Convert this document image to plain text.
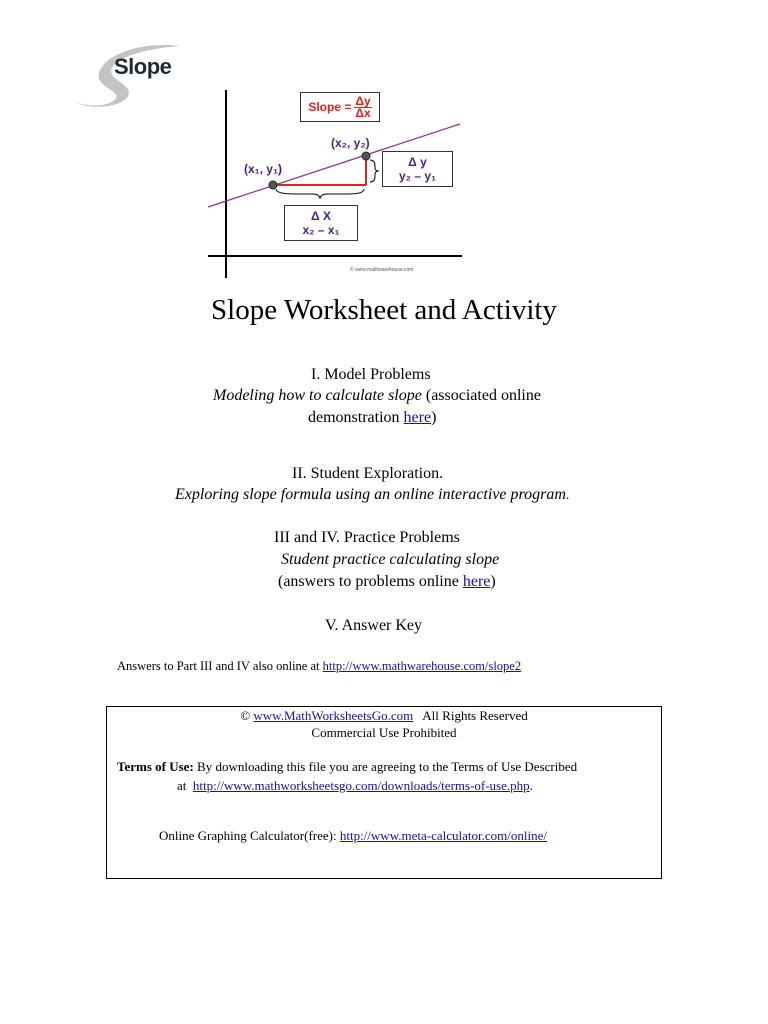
Slope
Slope = $\frac{\Delta y}{\Delta x}$
(x₂, y₂)
(x₁, y₁)	Δ y
y₂ – y₁
Δ X
x₂ – x₁
© www.mathwarehouse.com
Slope Worksheet and Activity
I. Model Problems
Modeling how to calculate slope (associated online
demonstration here)
II. Student Exploration.
Exploring slope formula using an online interactive program.
III and IV. Practice Problems
Student practice calculating slope
(answers to problems online here)
V. Answer Key
Answers to Part III and IV also online at http://www.mathwarehouse.com/slope2
© www.MathWorksheetsGo.com   All Rights Reserved
Commercial Use Prohibited
Terms of Use: By downloading this file you are agreeing to the Terms of Use Described
at  http://www.mathworksheetsgo.com/downloads/terms-of-use.php.
Online Graphing Calculator(free): http://www.meta-calculator.com/online/
